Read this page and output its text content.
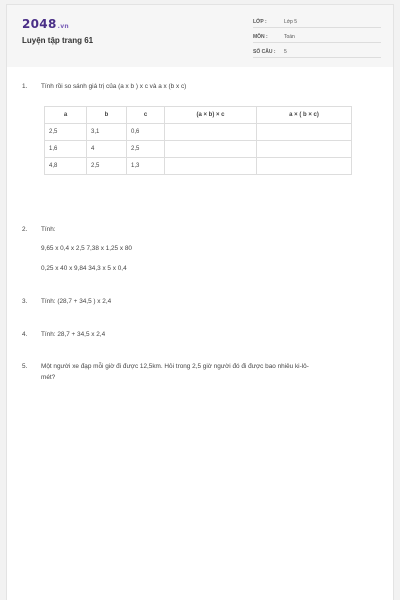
2048.vn
Luyện tập trang 61
LỚP :	Lớp 5
MÔN :	Toán
SỐ CÂU : 5
1. Tính rồi so sánh giá trị của (a x b ) x c và a x (b x c)
a	b	c	(a × b) × c	a × ( b × c)
2,5	3,1	0,6		
1,6	4	2,5		
4,8	2,5	1,3		
2. Tính:
9,65 x 0,4 x 2,5 7,38 x 1,25 x 80
0,25 x 40 x 9,84 34,3 x 5 x 0,4
3. Tính: (28,7 + 34,5 ) x 2,4
4. Tính: 28,7 + 34,5 x 2,4
5. Một người xe đạp mỗi giờ đi được 12,5km. Hỏi trong 2,5 giờ người đó đi được bao nhiêu ki-lô-
mét?
